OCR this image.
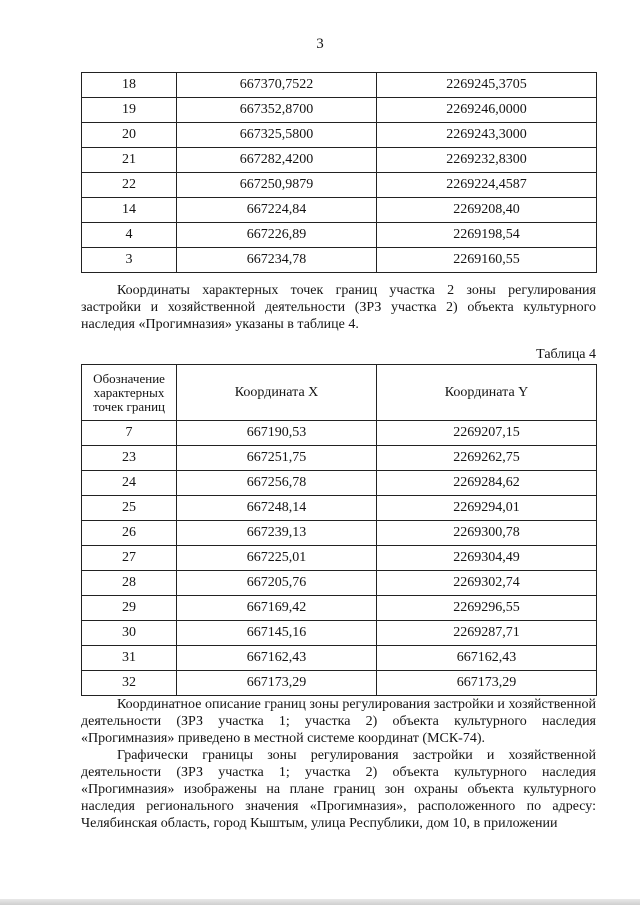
3
18	667370,7522	2269245,3705
19	667352,8700	2269246,0000
20	667325,5800	2269243,3000
21	667282,4200	2269232,8300
22	667250,9879	2269224,4587
14	667224,84	2269208,40
4	667226,89	2269198,54
3	667234,78	2269160,55

Координаты характерных точек границ участка 2 зоны регулирования застройки и хозяйственной деятельности (ЗРЗ участка 2) объекта культурного наследия «Прогимназия» указаны в таблице 4.

Таблица 4
Обозначение характерных точек границ	Координата X	Координата Y
7	667190,53	2269207,15
23	667251,75	2269262,75
24	667256,78	2269284,62
25	667248,14	2269294,01
26	667239,13	2269300,78
27	667225,01	2269304,49
28	667205,76	2269302,74
29	667169,42	2269296,55
30	667145,16	2269287,71
31	667162,43	667162,43
32	667173,29	667173,29

Координатное описание границ зоны регулирования застройки и хозяйственной деятельности (ЗРЗ участка 1; участка 2) объекта культурного наследия «Прогимназия» приведено в местной системе координат (МСК-74).

Графически границы зоны регулирования застройки и хозяйственной деятельности (ЗРЗ участка 1; участка 2) объекта культурного наследия «Прогимназия» изображены на плане границ зон охраны объекта культурного наследия регионального значения «Прогимназия», расположенного по адресу: Челябинская область, город Кыштым, улица Республики, дом 10, в приложении
